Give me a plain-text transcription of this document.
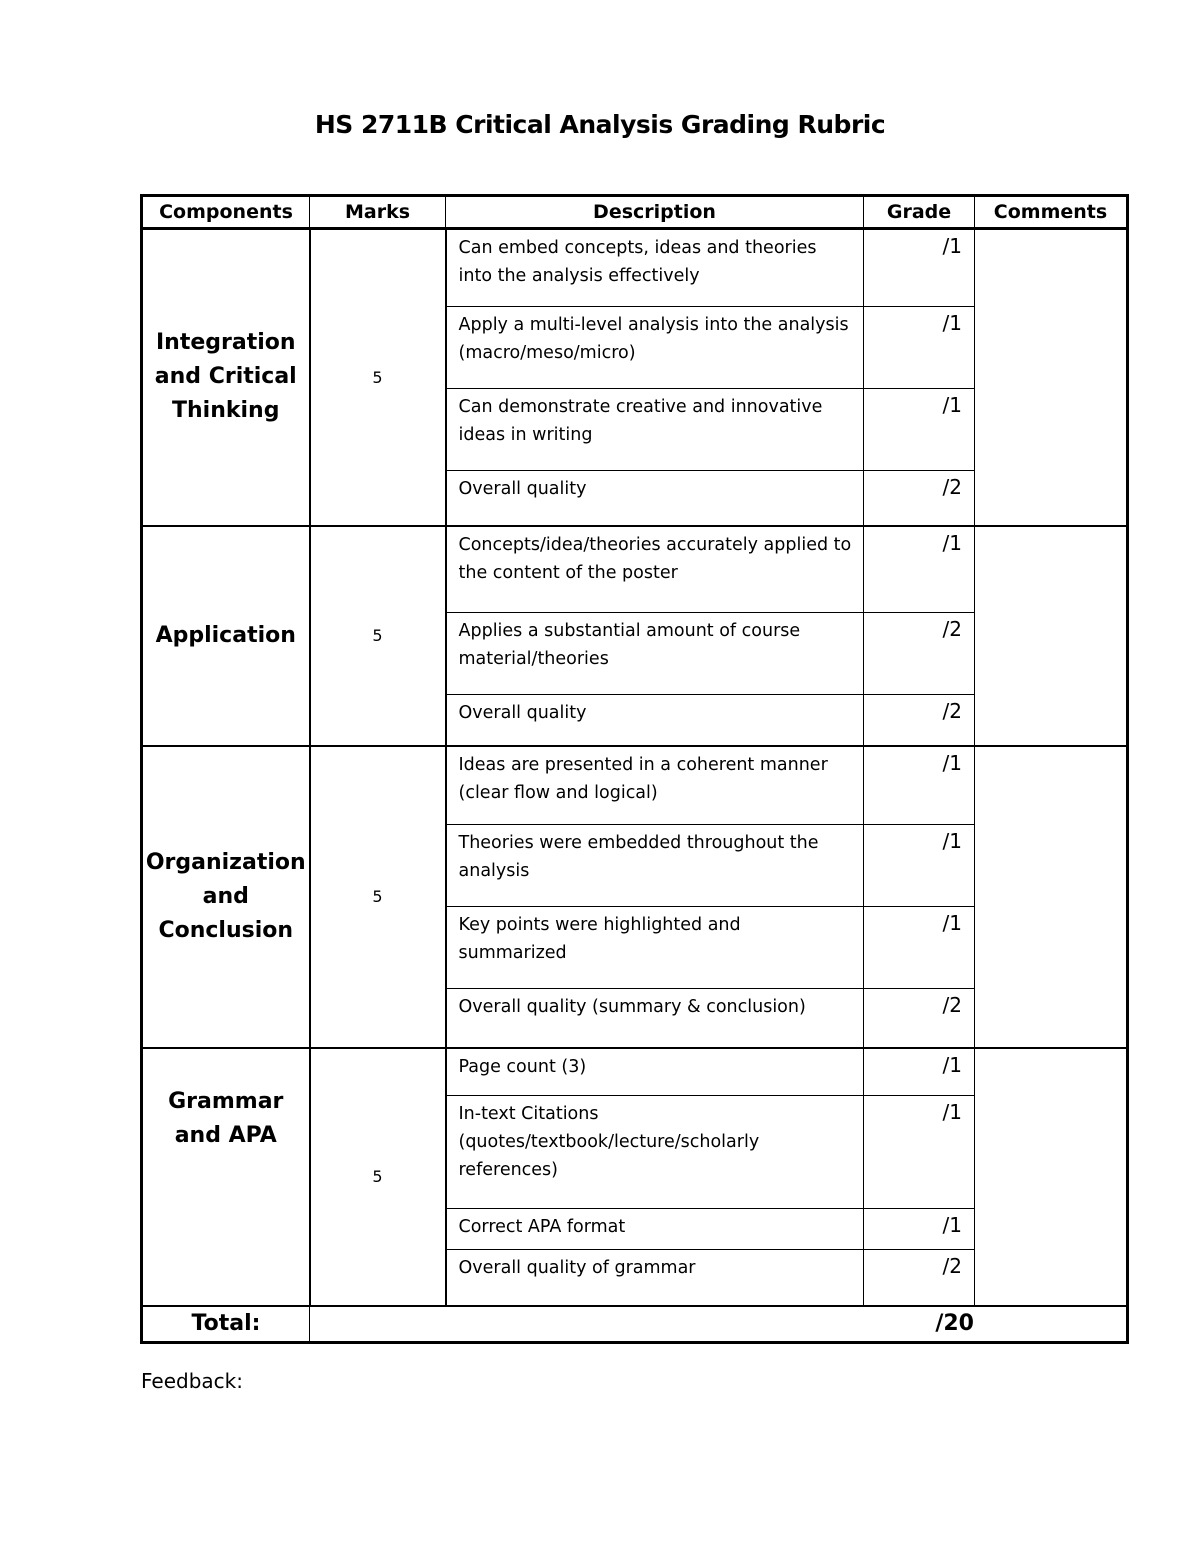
HS 2711B Critical Analysis Grading Rubric
Components	Marks	Description	Grade	Comments
Integration and Critical Thinking	5	Can embed concepts, ideas and theories into the analysis effectively	/1	
		Apply a multi-level analysis into the analysis (macro/meso/micro)	/1	
		Can demonstrate creative and innovative ideas in writing	/1	
		Overall quality	/2	
Application	5	Concepts/idea/theories accurately applied to the content of the poster	/1	
		Applies a substantial amount of course material/theories	/2	
		Overall quality	/2	
Organization and Conclusion	5	Ideas are presented in a coherent manner (clear flow and logical)	/1	
		Theories were embedded throughout the analysis	/1	
		Key points were highlighted and summarized	/1	
		Overall quality (summary & conclusion)	/2	
Grammar and APA	5	Page count (3)	/1	
		In-text Citations (quotes/textbook/lecture/scholarly references)	/1	
		Correct APA format	/1	
		Overall quality of grammar	/2	
Total:	/20			
Feedback:
